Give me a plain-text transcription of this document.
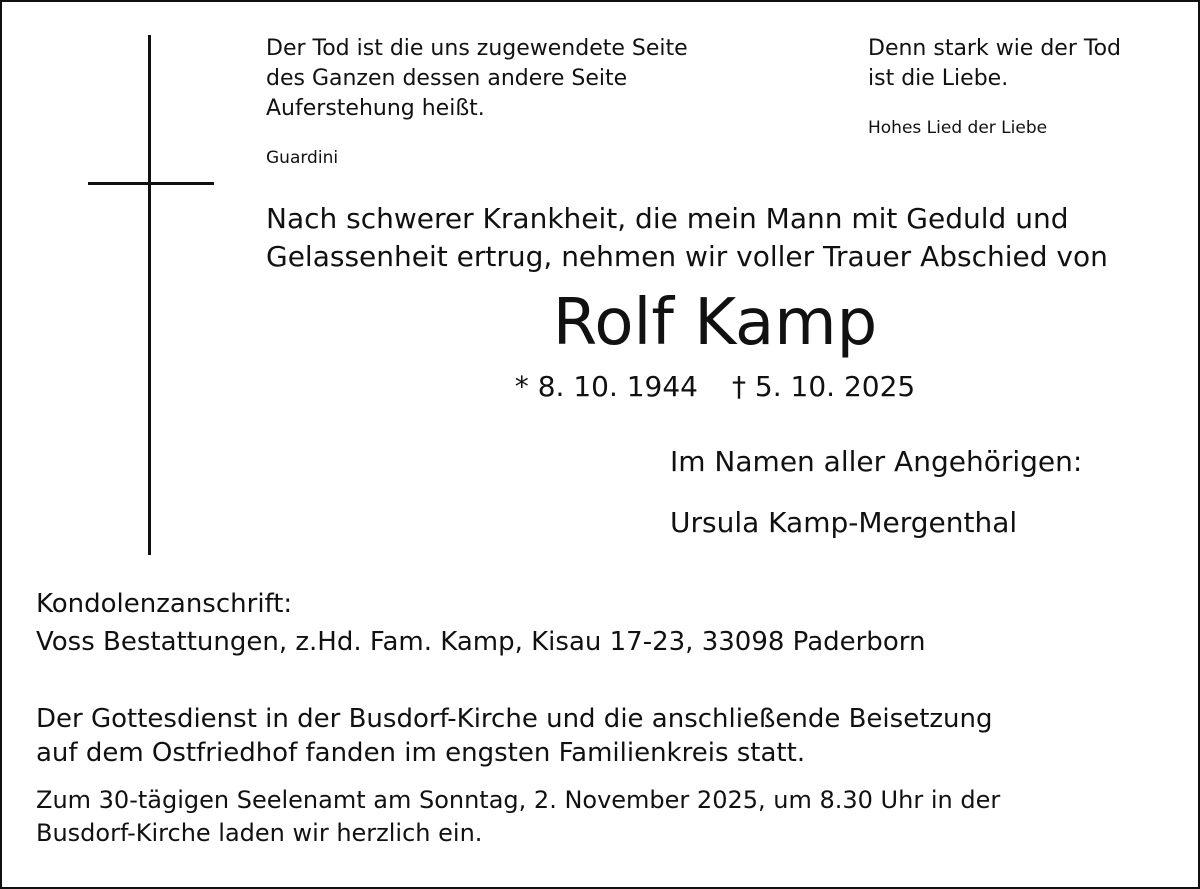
Der Tod ist die uns zugewendete Seite
des Ganzen dessen andere Seite
Auferstehung heißt.
Guardini
Denn stark wie der Tod
ist die Liebe.
Hohes Lied der Liebe
Nach schwerer Krankheit, die mein Mann mit Geduld und
Gelassenheit ertrug, nehmen wir voller Trauer Abschied von
Rolf Kamp
* 8. 10. 1944 † 5. 10. 2025
Im Namen aller Angehörigen:
Ursula Kamp-Mergenthal
Kondolenzanschrift:
Voss Bestattungen, z.Hd. Fam. Kamp, Kisau 17-23, 33098 Paderborn
Der Gottesdienst in der Busdorf-Kirche und die anschließende Beisetzung
auf dem Ostfriedhof fanden im engsten Familienkreis statt.
Zum 30-tägigen Seelenamt am Sonntag, 2. November 2025, um 8.30 Uhr in der
Busdorf-Kirche laden wir herzlich ein.
